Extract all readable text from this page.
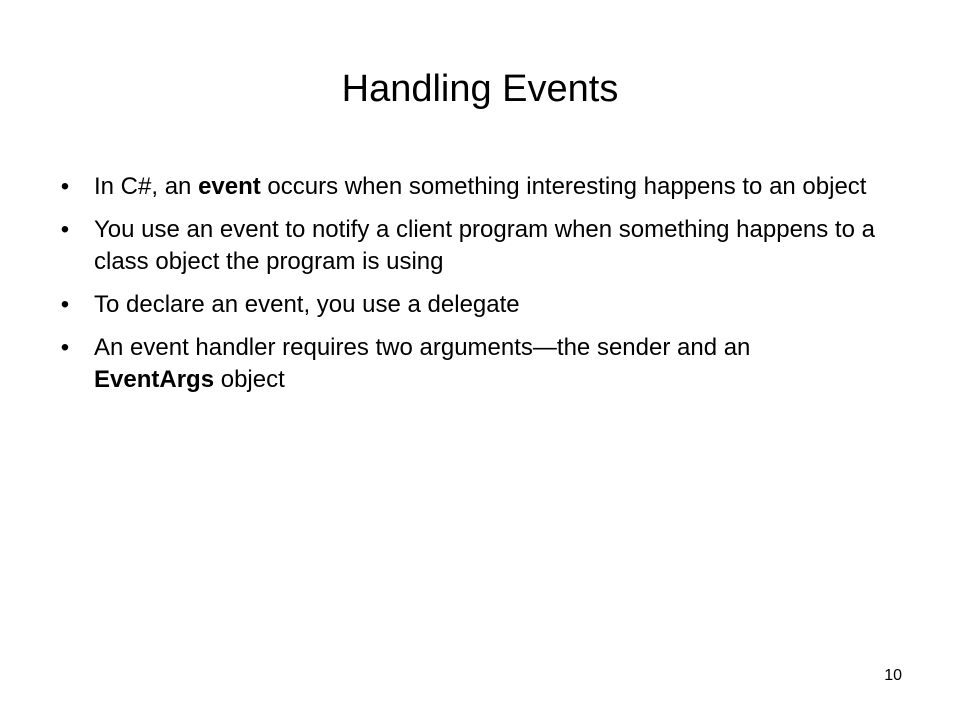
Handling Events
• In C#, an event occurs when something interesting happens to an object
• You use an event to notify a client program when something happens to a class object the program is using
• To declare an event, you use a delegate
• An event handler requires two arguments—the sender and an EventArgs object
10
